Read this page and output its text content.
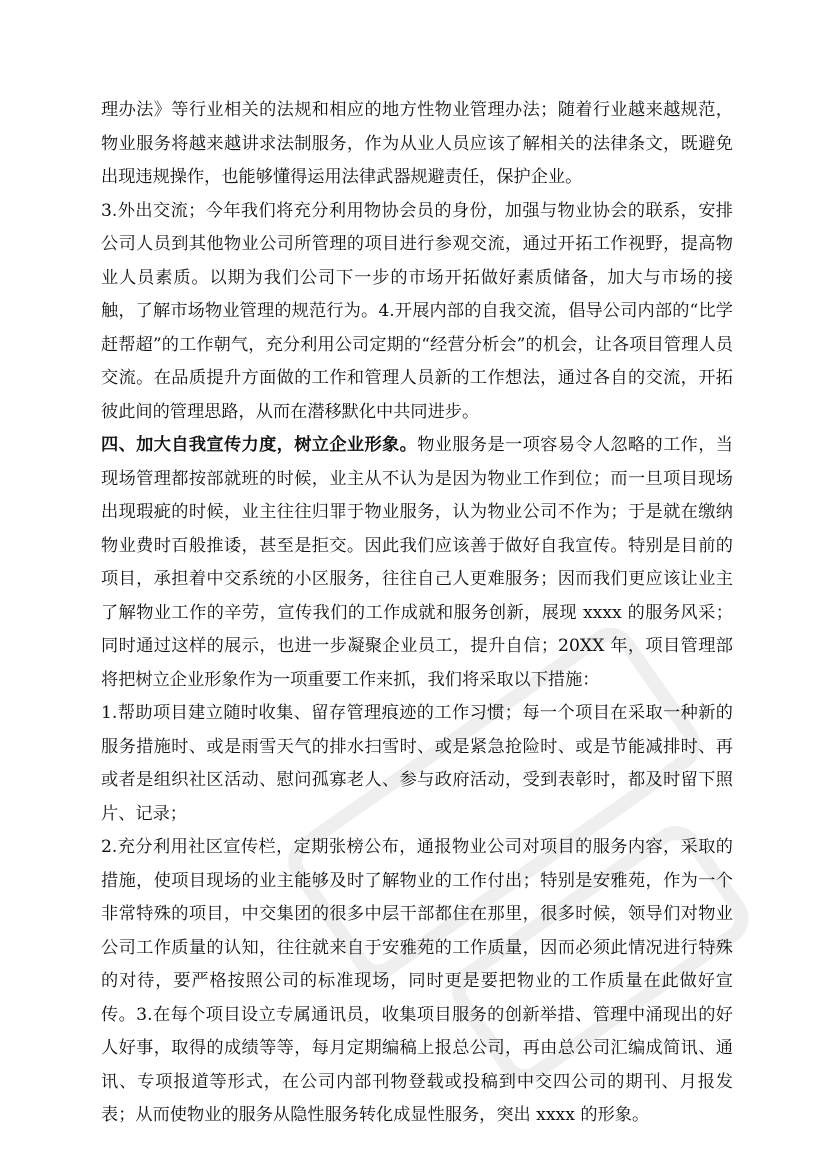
理办法》等行业相关的法规和相应的地方性物业管理办法；随着行业越来越规范，物业服务将越来越讲求法制服务，作为从业人员应该了解相关的法律条文，既避免出现违规操作，也能够懂得运用法律武器规避责任，保护企业。

3.外出交流；今年我们将充分利用物协会员的身份，加强与物业协会的联系，安排公司人员到其他物业公司所管理的项目进行参观交流，通过开拓工作视野，提高物业人员素质。以期为我们公司下一步的市场开拓做好素质储备，加大与市场的接触，了解市场物业管理的规范行为。4.开展内部的自我交流，倡导公司内部的“比学赶帮超”的工作朝气，充分利用公司定期的“经营分析会”的机会，让各项目管理人员交流。在品质提升方面做的工作和管理人员新的工作想法，通过各自的交流，开拓彼此间的管理思路，从而在潜移默化中共同进步。

四、加大自我宣传力度，树立企业形象。物业服务是一项容易令人忽略的工作，当现场管理都按部就班的时候，业主从不认为是因为物业工作到位；而一旦项目现场出现瑕疵的时候，业主往往归罪于物业服务，认为物业公司不作为；于是就在缴纳物业费时百般推诿，甚至是拒交。因此我们应该善于做好自我宣传。特别是目前的项目，承担着中交系统的小区服务，往往自己人更难服务；因而我们更应该让业主了解物业工作的辛劳，宣传我们的工作成就和服务创新，展现 xxxx 的服务风采；同时通过这样的展示，也进一步凝聚企业员工，提升自信；20XX 年，项目管理部将把树立企业形象作为一项重要工作来抓，我们将采取以下措施：

1.帮助项目建立随时收集、留存管理痕迹的工作习惯；每一个项目在采取一种新的服务措施时、或是雨雪天气的排水扫雪时、或是紧急抢险时、或是节能减排时、再或者是组织社区活动、慰问孤寡老人、参与政府活动，受到表彰时，都及时留下照片、记录；

2.充分利用社区宣传栏，定期张榜公布，通报物业公司对项目的服务内容，采取的措施，使项目现场的业主能够及时了解物业的工作付出；特别是安雅苑，作为一个非常特殊的项目，中交集团的很多中层干部都住在那里，很多时候，领导们对物业公司工作质量的认知，往往就来自于安雅苑的工作质量，因而必须此情况进行特殊的对待，要严格按照公司的标准现场，同时更是要把物业的工作质量在此做好宣传。3.在每个项目设立专属通讯员，收集项目服务的创新举措、管理中涌现出的好人好事，取得的成绩等等，每月定期编稿上报总公司，再由总公司汇编成简讯、通讯、专项报道等形式，在公司内部刊物登载或投稿到中交四公司的期刊、月报发表；从而使物业的服务从隐性服务转化成显性服务，突出 xxxx 的形象。
